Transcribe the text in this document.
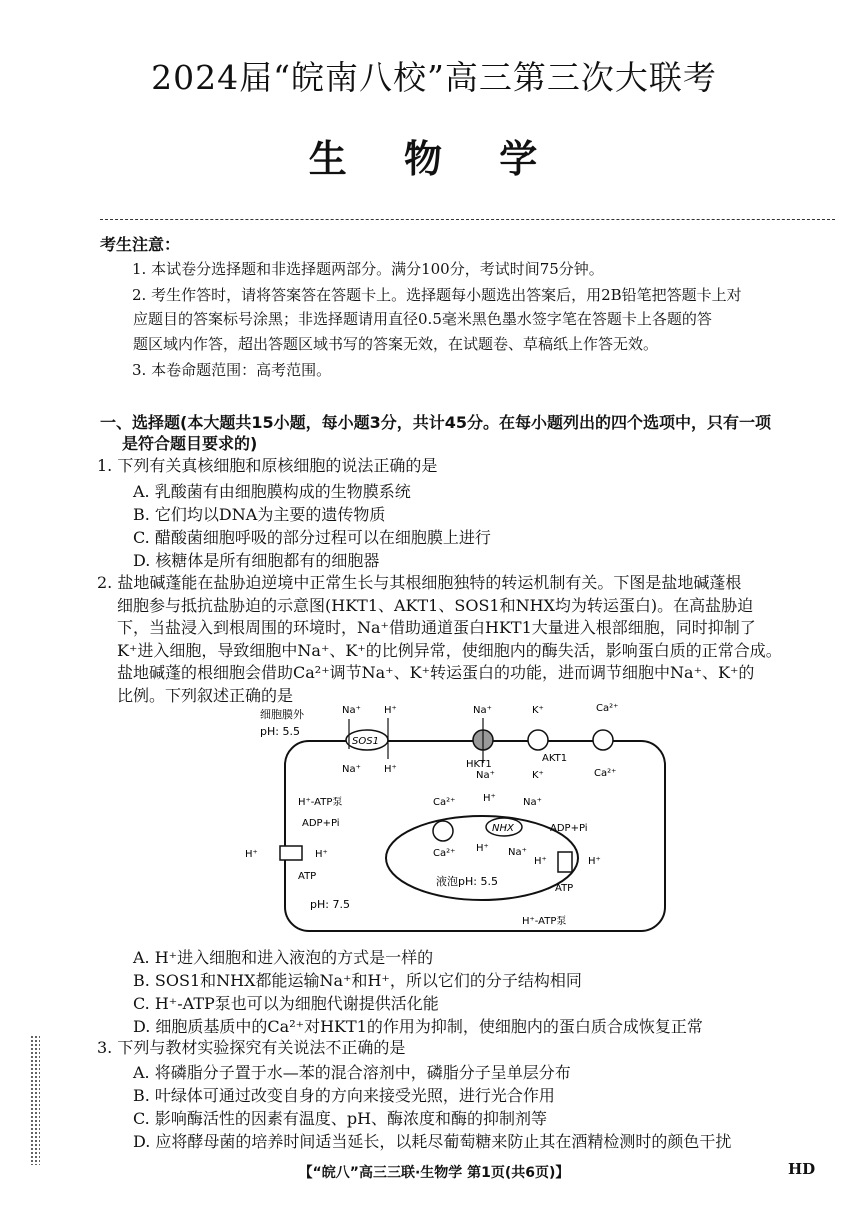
2024届“皖南八校”高三第三次大联考
生 物 学
考生注意：
1. 本试卷分选择题和非选择题两部分。满分100分，考试时间75分钟。
2. 考生作答时，请将答案答在答题卡上。选择题每小题选出答案后，用2B铅笔把答题卡上对
应题目的答案标号涂黑；非选择题请用直径0.5毫米黑色墨水签字笔在答题卡上各题的答
题区域内作答，超出答题区域书写的答案无效，在试题卷、草稿纸上作答无效。
3. 本卷命题范围：高考范围。
一、选择题(本大题共15小题，每小题3分，共计45分。在每小题列出的四个选项中，只有一项
是符合题目要求的)
1. 下列有关真核细胞和原核细胞的说法正确的是
A. 乳酸菌有由细胞膜构成的生物膜系统
B. 它们均以DNA为主要的遗传物质
C. 醋酸菌细胞呼吸的部分过程可以在细胞膜上进行
D. 核糖体是所有细胞都有的细胞器
2. 盐地碱蓬能在盐胁迫逆境中正常生长与其根细胞独特的转运机制有关。下图是盐地碱蓬根
细胞参与抵抗盐胁迫的示意图(HKT1、AKT1、SOS1和NHX均为转运蛋白)。在高盐胁迫
下，当盐浸入到根周围的环境时，Na⁺借助通道蛋白HKT1大量进入根部细胞，同时抑制了
K⁺进入细胞，导致细胞中Na⁺、K⁺的比例异常，使细胞内的酶失活，影响蛋白质的正常合成。
盐地碱蓬的根细胞会借助Ca²⁺调节Na⁺、K⁺转运蛋白的功能，进而调节细胞中Na⁺、K⁺的
比例。下列叙述正确的是
细胞膜外
pH: 5.5
SOS1
Na⁺ H⁺
Na⁺ H⁺
Na⁺
HKT1
Na⁺
K⁺
AKT1
K⁺
Ca²⁺
Ca²⁺
H⁺-ATP泵
ADP+Pi
H⁺	H⁺
ATP
pH: 7.5
Ca²⁺
Ca²⁺
H⁺
H⁺
NHX
Na⁺
Na⁺
ADP+Pi
H⁺	H⁺
ATP
H⁺-ATP泵
液泡pH: 5.5
A. H⁺进入细胞和进入液泡的方式是一样的
B. SOS1和NHX都能运输Na⁺和H⁺，所以它们的分子结构相同
C. H⁺-ATP泵也可以为细胞代谢提供活化能
D. 细胞质基质中的Ca²⁺对HKT1的作用为抑制，使细胞内的蛋白质合成恢复正常
3. 下列与教材实验探究有关说法不正确的是
A. 将磷脂分子置于水—苯的混合溶剂中，磷脂分子呈单层分布
B. 叶绿体可通过改变自身的方向来接受光照，进行光合作用
C. 影响酶活性的因素有温度、pH、酶浓度和酶的抑制剂等
D. 应将酵母菌的培养时间适当延长，以耗尽葡萄糖来防止其在酒精检测时的颜色干扰
【“皖八”高三三联·生物学 第1页(共6页)】	HD
